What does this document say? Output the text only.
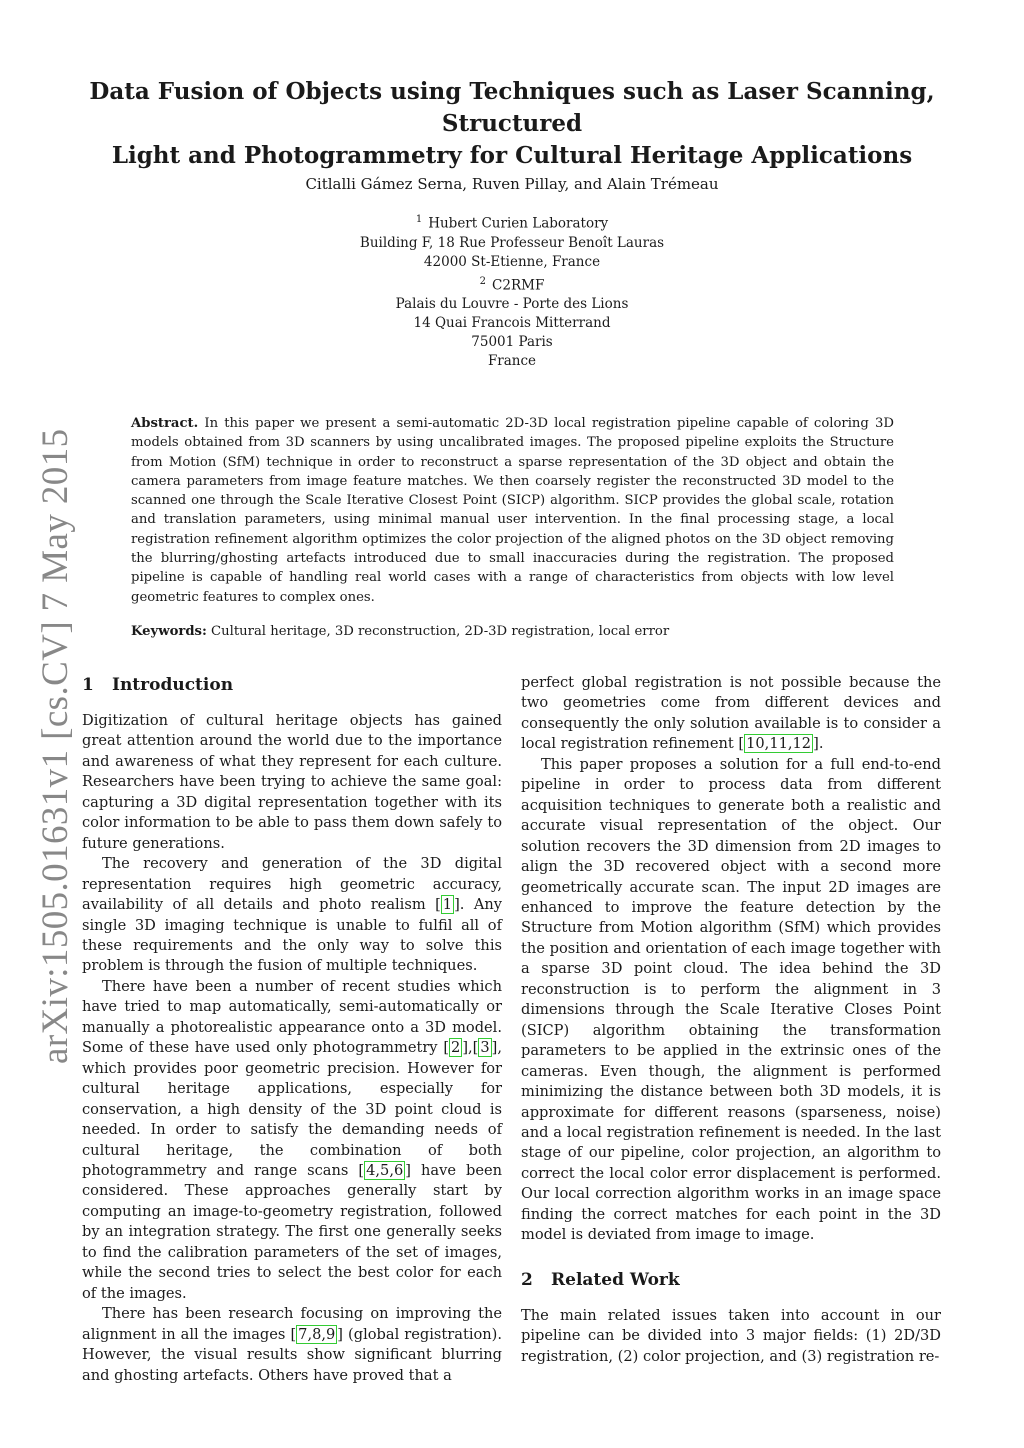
arXiv:1505.01631v1 [cs.CV] 7 May 2015
Data Fusion of Objects using Techniques such as Laser Scanning, Structured
Light and Photogrammetry for Cultural Heritage Applications
Citlalli Gámez Serna, Ruven Pillay, and Alain Trémeau
$^1$ Hubert Curien Laboratory
Building F, 18 Rue Professeur Benoît Lauras
42000 St-Etienne, France
$^2$ C2RMF
Palais du Louvre - Porte des Lions
14 Quai Francois Mitterrand
75001 Paris
France
Abstract. In this paper we present a semi-automatic 2D-3D local registration pipeline capable of coloring 3D models obtained from 3D scanners by using uncalibrated images. The proposed pipeline exploits the Structure from Motion (SfM) technique in order to reconstruct a sparse representation of the 3D object and obtain the camera parameters from image feature matches. We then coarsely register the reconstructed 3D model to the scanned one through the Scale Iterative Closest Point (SICP) algorithm. SICP provides the global scale, rotation and translation parameters, using minimal manual user intervention. In the final processing stage, a local registration refinement algorithm optimizes the color projection of the aligned photos on the 3D object removing the blurring/ghosting artefacts introduced due to small inaccuracies during the registration. The proposed pipeline is capable of handling real world cases with a range of characteristics from objects with low level geometric features to complex ones.
Keywords: Cultural heritage, 3D reconstruction, 2D-3D registration, local error
1 Introduction

Digitization of cultural heritage objects has gained great attention around the world due to the importance and awareness of what they represent for each culture. Researchers have been trying to achieve the same goal: capturing a 3D digital representation together with its color information to be able to pass them down safely to future generations.

The recovery and generation of the 3D digital representation requires high geometric accuracy, availability of all details and photo realism [ 1 ]. Any single 3D imaging technique is unable to fulfil all of these requirements and the only way to solve this problem is through the fusion of multiple techniques.

There have been a number of recent studies which have tried to map automatically, semi-automatically or manually a photorealistic appearance onto a 3D model. Some of these have used only photogrammetry [ 2 ],[ 3 ], which provides poor geometric precision. However for cultural heritage applications, especially for conservation, a high density of the 3D point cloud is needed. In order to satisfy the demanding needs of cultural heritage, the combination of both photogrammetry and range scans [ 4,5,6 ] have been considered. These approaches generally start by computing an image-to-geometry registration, followed by an integration strategy. The first one generally seeks to find the calibration parameters of the set of images, while the second tries to select the best color for each of the images.

There has been research focusing on improving the alignment in all the images [ 7,8,9 ] (global registration). However, the visual results show significant blurring and ghosting artefacts. Others have proved that a

perfect global registration is not possible because the two geometries come from different devices and consequently the only solution available is to consider a local registration refinement [ 10,11,12 ].

This paper proposes a solution for a full end-to-end pipeline in order to process data from different acquisition techniques to generate both a realistic and accurate visual representation of the object. Our solution recovers the 3D dimension from 2D images to align the 3D recovered object with a second more geometrically accurate scan. The input 2D images are enhanced to improve the feature detection by the Structure from Motion algorithm (SfM) which provides the position and orientation of each image together with a sparse 3D point cloud. The idea behind the 3D reconstruction is to perform the alignment in 3 dimensions through the Scale Iterative Closes Point (SICP) algorithm obtaining the transformation parameters to be applied in the extrinsic ones of the cameras. Even though, the alignment is performed minimizing the distance between both 3D models, it is approximate for different reasons (sparseness, noise) and a local registration refinement is needed. In the last stage of our pipeline, color projection, an algorithm to correct the local color error displacement is performed. Our local correction algorithm works in an image space finding the correct matches for each point in the 3D model is deviated from image to image.

2 Related Work

The main related issues taken into account in our pipeline can be divided into 3 major fields: (1) 2D/3D registration, (2) color projection, and (3) registration re-
